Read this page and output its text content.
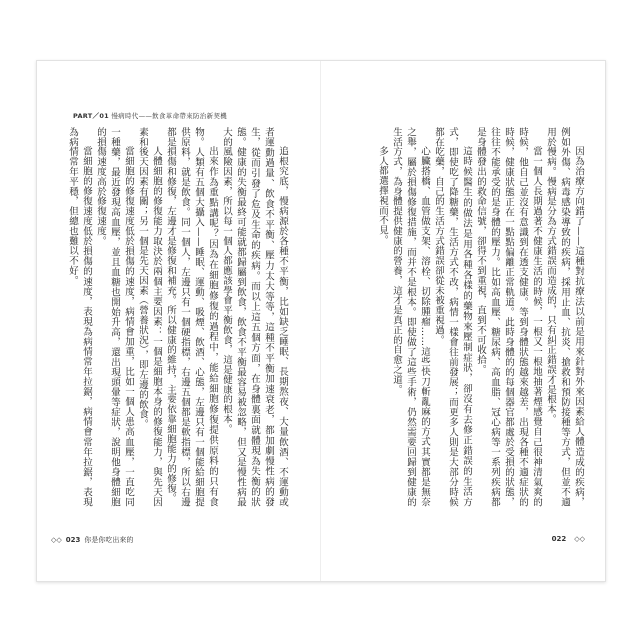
PART／01 慢病時代——飲食革命帶來防治新契機

追根究底，慢病源於各種不平衡，比如缺乏睡眠、長期熬夜、大量飲酒、不運動或者運動過量、飲食不平衡、壓力太大等等，這種不平衡加速衰老，都加劇慢性病的發生，從而引發了危及生命的疾病。而以上這五個方面，在身體裏面就體現為失衡的狀態。健康的失衡最終可能就都歸屬到飲食，飲食不平衡最容易被忽略，但又是慢性病最大的風險因素，所以每一個人都應該學會平衡飲食，這是健康的根本。

出來作為重點講呢？因為在細胞修復的過程中，能給細胞修復提供原料的只有食物。人類有五個大攝入——睡眠、運動、吸煙、飲酒、心態，左邊只有一個能給細胞提供原料，就是飲食。同一個人，左邊只有一個硬指標，右邊五個都是軟指標，所以右邊都是損傷和修復，左邊才是修復和補充。所以健康的維持，主要依靠細胞能力的修復。

人體細胞的修復能力取決於兩個主要因素：一個是細胞本身的修復能力，與先天因素和後天因素有關；另一個是先天因素（營養狀況），即左邊的飲食。

當細胞的修復速度低於損傷的速度，病情會加重，比如一個人患高血壓，一直吃同一種藥，最近發現高血壓，並且血糖也開始升高，還出現頭暈等症狀，說明他身體細胞的損傷速度高於修復速度。

當細胞的修復速度低於損傷的速度，表現為病情常年拉鋸，病情會常年拉鋸，表現為病情常年平穩，但總也難以不好。

◇◇ 023 你是你吃出來的

因為治療方向錯了——這種對抗療法以前是用來針對外來因素給人體造成的疾病，例如外傷、病毒感染導致的疾病，採用止血、抗炎、搶救和預防接種等方式，但並不適用於慢病。慢病是分為方式錯誤而造成的，只有糾正錯誤才是根本。

當一個人長期過著不健康生活的時候，一根又一根地抽著煙感覺自己很神清氣爽的時候，他自己並沒有意識到在透支健康。等到身體狀態越來越差，出現各種不適症狀的時候，健康狀態正在一點點偏離正常軌道。此時身體的的每個器官都處於受損的狀態，往往不能承受的是身體的壓力。比如高血壓、糖尿病、高血脂、冠心病等一系列疾病都是身體發出的救命信號，卻得不到重視，直到不可收拾。

這時候醫生的做法是用各種各樣的藥物來壓制症狀，卻沒有去修正錯誤的生活方式，即使吃了降糖藥，生活方式不改，病情一樣會往前發展；而更多人則是大部分時候都在吃藥，自己的生活方式錯誤卻從未被重視過。

心臟搭橋、血管做支架、溶栓、切除腫瘤……這些快刀斬亂麻的方式其實都是無奈之舉，屬於損傷修復措施，而并不是根本。即使做了這些手術，仍然需要回歸到健康的生活方式，為身體提供健康的營養，這才是真正的自愈之道。

多人都選擇視而不見。

022 ◇◇
